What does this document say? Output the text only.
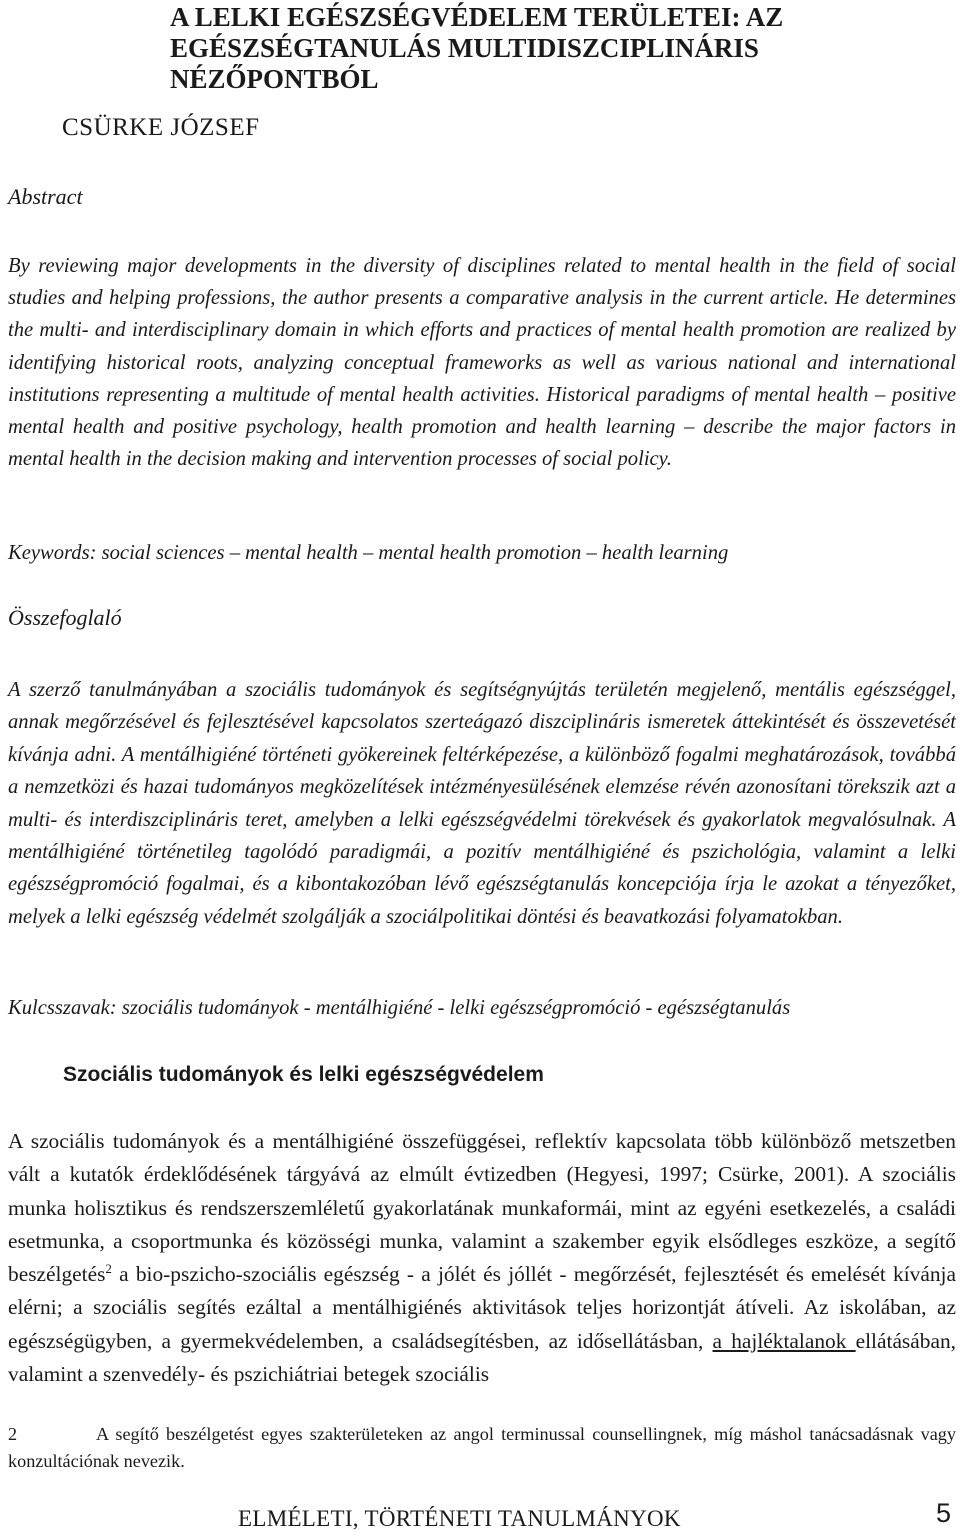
A LELKI EGÉSZSÉGVÉDELEM TERÜLETEI: AZ EGÉSZSÉGTANULÁS MULTIDISZCIPLINÁRIS NÉZŐPONTBÓL

CSÜRKE JÓZSEF

Abstract

By reviewing major developments in the diversity of disciplines related to mental health in the field of social studies and helping professions, the author presents a comparative analysis in the current article. He determines the multi- and interdisciplinary domain in which efforts and practices of mental health promotion are realized by identifying historical roots, analyzing conceptual frameworks as well as various national and international institutions representing a multitude of mental health activities. Historical paradigms of mental health – positive mental health and positive psychology, health promotion and health learning – describe the major factors in mental health in the decision making and intervention processes of social policy.

Keywords: social sciences – mental health – mental health promotion – health learning

Összefoglaló

A szerző tanulmányában a szociális tudományok és segítségnyújtás területén megjelenő, mentális egészséggel, annak megőrzésével és fejlesztésével kapcsolatos szerteágazó diszciplináris ismeretek áttekintését és összevetését kívánja adni. A mentálhigiéné történeti gyökereinek feltérképezése, a különböző fogalmi meghatározások, továbbá a nemzetközi és hazai tudományos megközelítések intézményesülésének elemzése révén azonosítani törekszik azt a multi- és interdiszciplináris teret, amelyben a lelki egészségvédelmi törekvések és gyakorlatok megvalósulnak. A mentálhigiéné történetileg tagolódó paradigmái, a pozitív mentálhigiéné és pszichológia, valamint a lelki egészségpromóció fogalmai, és a kibontakozóban lévő egészségtanulás koncepciója írja le azokat a tényezőket, melyek a lelki egészség védelmét szolgálják a szociálpolitikai döntési és beavatkozási folyamatokban.

Kulcsszavak: szociális tudományok - mentálhigiéné - lelki egészségpromóció - egészségtanulás

Szociális tudományok és lelki egészségvédelem

A szociális tudományok és a mentálhigiéné összefüggései, reflektív kapcsolata több különböző metszetben vált a kutatók érdeklődésének tárgyává az elmúlt évtizedben (Hegyesi, 1997; Csürke, 2001). A szociális munka holisztikus és rendszerszemléletű gyakorlatának munkaformái, mint az egyéni esetkezelés, a családi esetmunka, a csoportmunka és közösségi munka, valamint a szakember egyik elsődleges eszköze, a segítő beszélgetés$^2$ a bio-pszicho-szociális egészség - a jólét és jóllét - megőrzését, fejlesztését és emelését kívánja elérni; a szociális segítés ezáltal a mentálhigiénés aktivitások teljes horizontját átíveli. Az iskolában, az egészségügyben, a gyermekvédelemben, a családsegítésben, az idősellátásban, a hajléktalanok ellátásában, valamint a szenvedély- és pszichiátriai betegek szociális

2	A segítő beszélgetést egyes szakterületeken az angol terminussal counsellingnek, míg máshol tanácsadásnak vagy konzultációnak nevezik.

ELMÉLETI, TÖRTÉNETI TANULMÁNYOK	5
